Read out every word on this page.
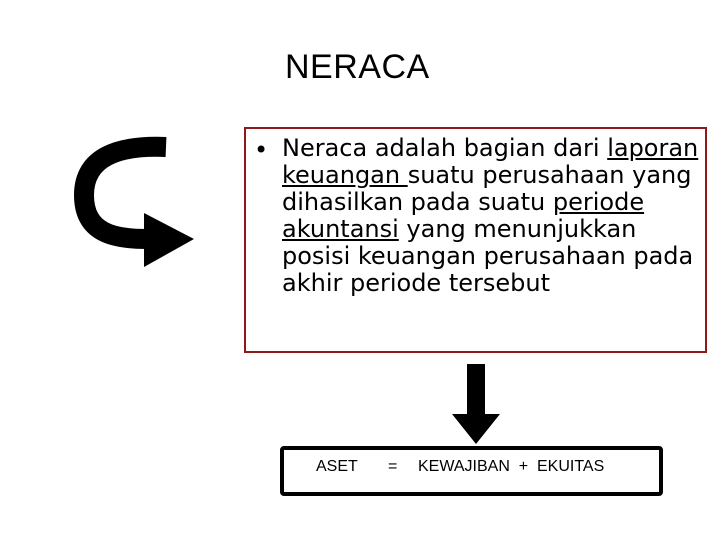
NERACA
• Neraca adalah bagian dari laporan keuangan suatu perusahaan yang dihasilkan pada suatu periode akuntansi yang menunjukkan posisi keuangan perusahaan pada akhir periode tersebut
ASET = KEWAJIBAN  +  EKUITAS
